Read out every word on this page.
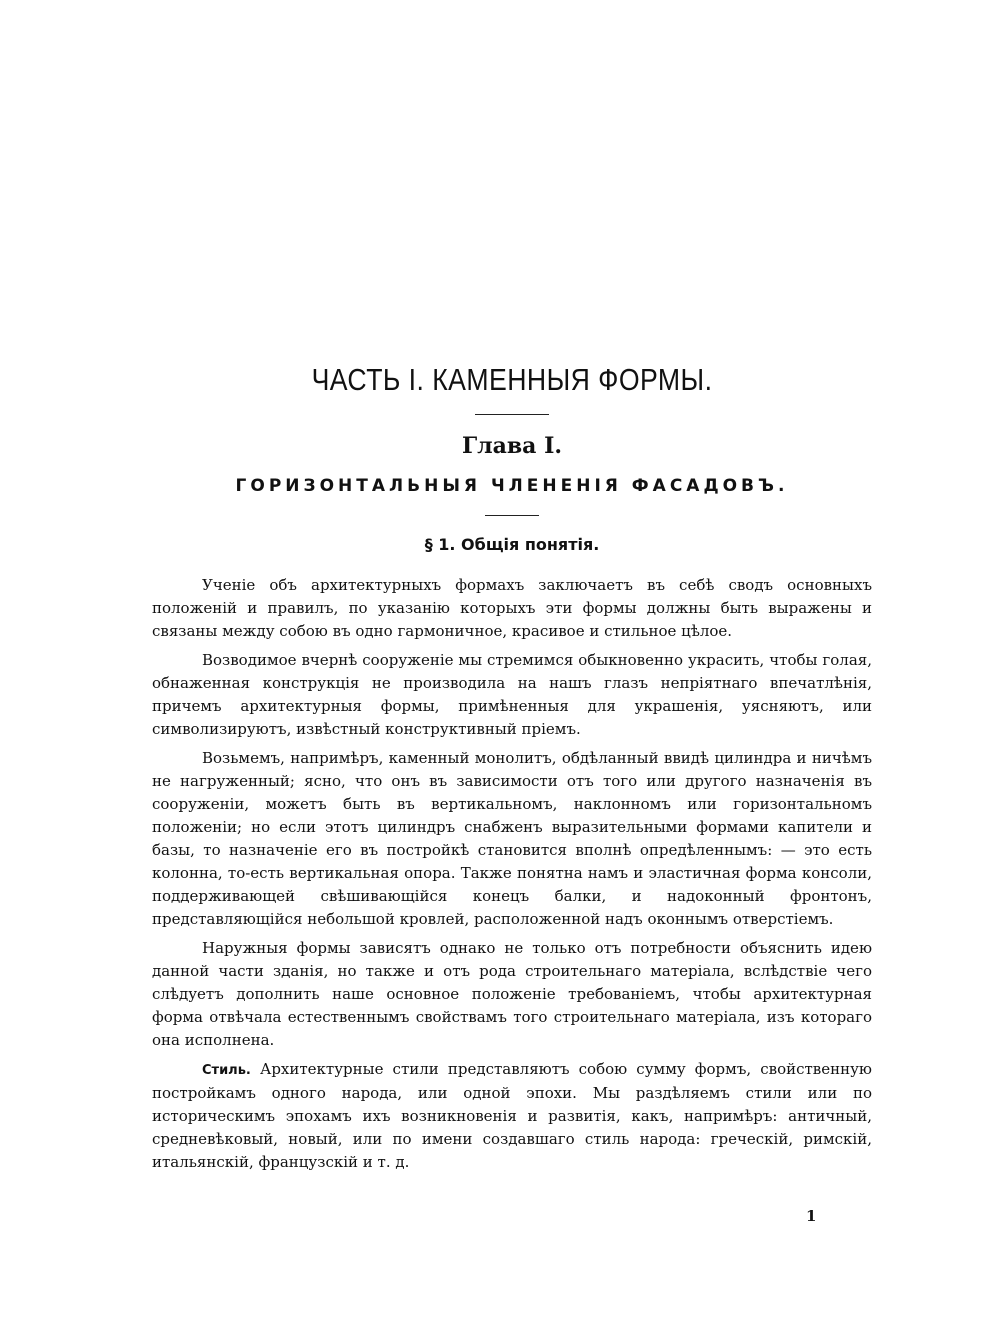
ЧАСТЬ I. КАМЕННЫЯ ФОРМЫ.
Глава I.
ГОРИЗОНТАЛЬНЫЯ ЧЛЕНЕНІЯ ФАСАДОВЪ.
§ 1. Общія понятія.

Ученіе объ архитектурныхъ формахъ заключаетъ въ себѣ сводъ основныхъ положеній и правилъ, по указанію которыхъ эти формы должны быть выражены и связаны между собою въ одно гармоничное, красивое и стильное цѣлое.

Возводимое вчернѣ сооруженіе мы стремимся обыкновенно украсить, чтобы голая, обнаженная конструкція не производила на нашъ глазъ непріятнаго впечатлѣнія, причемъ архитектурныя формы, примѣненныя для украшенія, уясняютъ, или символизируютъ, извѣстный конструктивный пріемъ.

Возьмемъ, напримѣръ, каменный монолитъ, обдѣланный ввидѣ цилиндра и ничѣмъ не нагруженный; ясно, что онъ въ зависимости отъ того или другого назначенія въ сооруженіи, можетъ быть въ вертикальномъ, наклонномъ или горизонтальномъ положеніи; но если этотъ цилиндръ снабженъ выразительными формами капители и базы, то назначеніе его въ постройкѣ становится вполнѣ опредѣленнымъ: — это есть колонна, то-есть вертикальная опора. Также понятна намъ и эластичная форма консоли, поддерживающей свѣшивающійся конецъ балки, и надоконный фронтонъ, представляющійся небольшой кровлей, расположенной надъ оконнымъ отверстіемъ.

Наружныя формы зависятъ однако не только отъ потребности объяснить идею данной части зданія, но также и отъ рода строительнаго матеріала, вслѣдствіе чего слѣдуетъ дополнить наше основное положеніе требованіемъ, чтобы архитектурная форма отвѣчала естественнымъ свойствамъ того строительнаго матеріала, изъ котораго она исполнена.

Стиль. Архитектурные стили представляютъ собою сумму формъ, свойственную постройкамъ одного народа, или одной эпохи. Мы раздѣляемъ стили или по историческимъ эпохамъ ихъ возникновенія и развитія, какъ, напримѣръ: античный, средневѣковый, новый, или по имени создавшаго стиль народа: греческій, римскій, итальянскій, французскій и т. д.

1
